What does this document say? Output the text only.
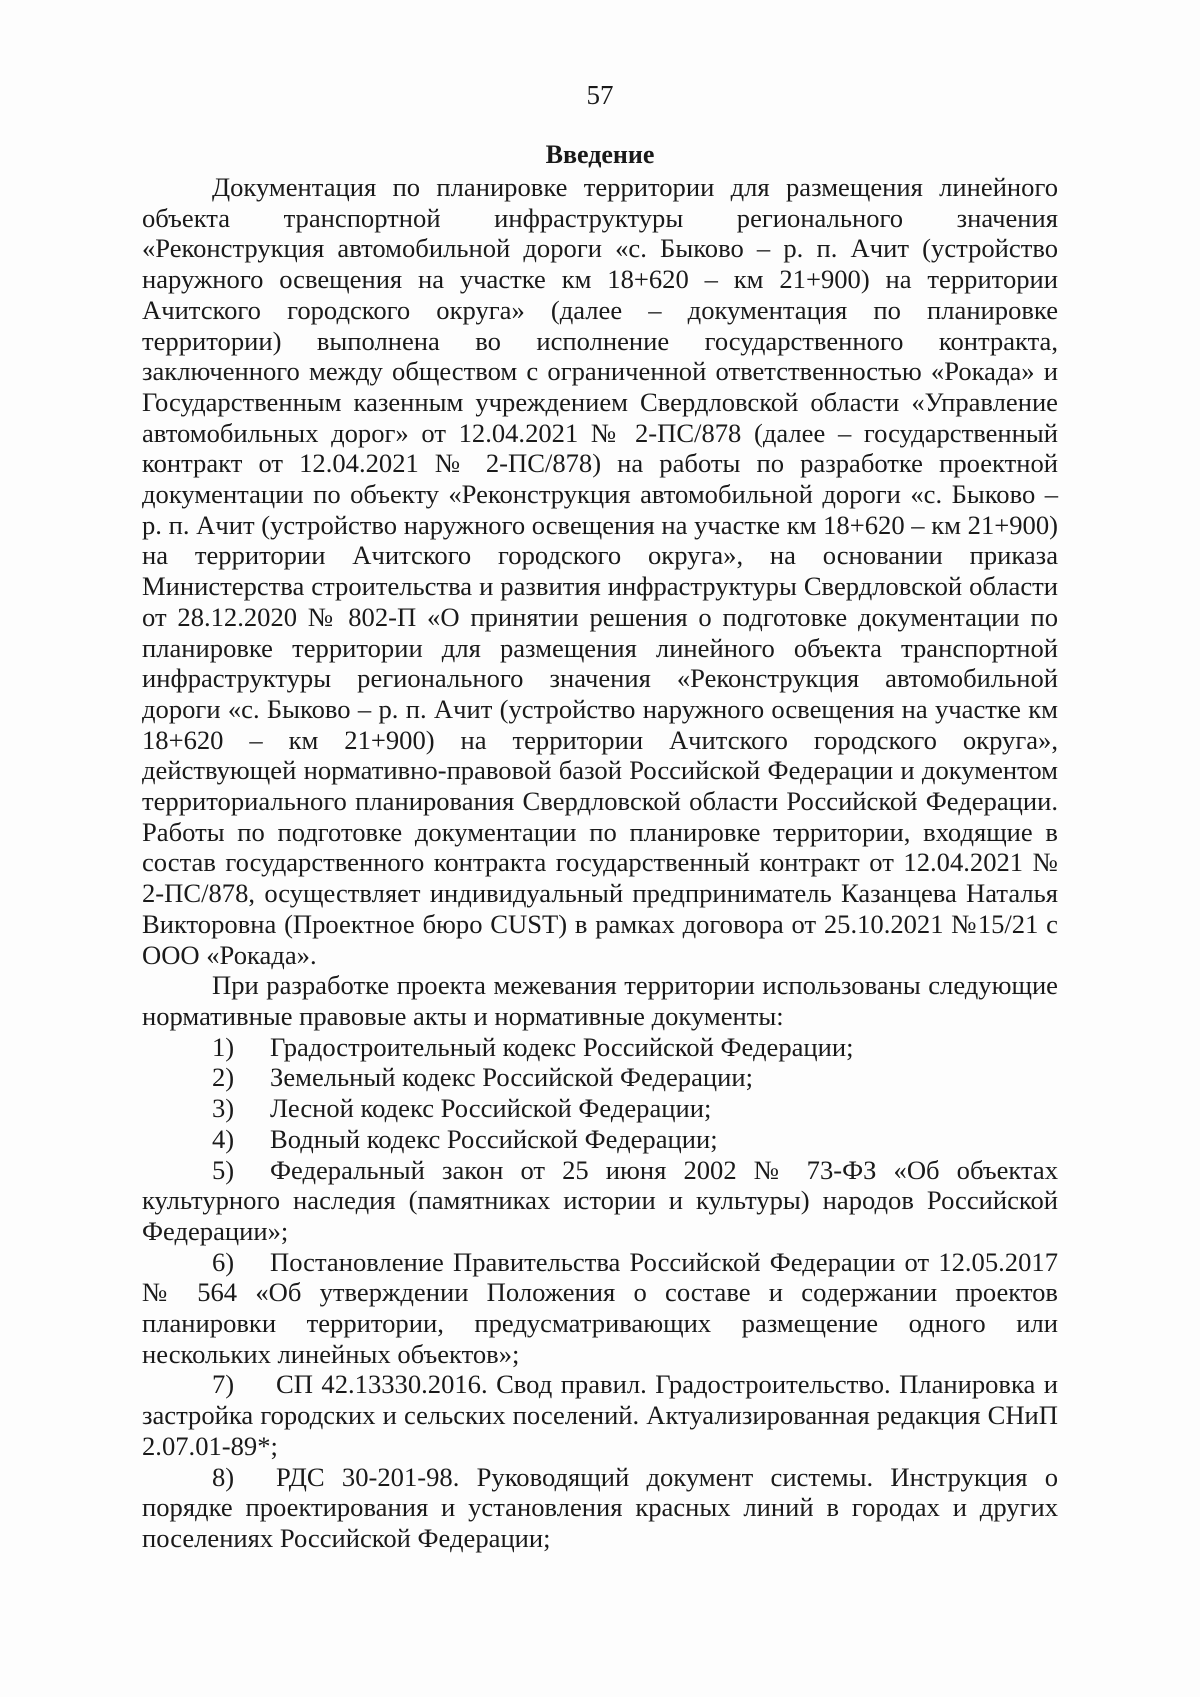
57
Введение

Документация по планировке территории для размещения линейного объекта транспортной инфраструктуры регионального значения «Реконструкция автомобильной дороги «с. Быково – р. п. Ачит (устройство наружного освещения на участке км 18+620 – км 21+900) на территории Ачитского городского округа» (далее – документация по планировке территории) выполнена во исполнение государственного контракта, заключенного между обществом с ограниченной ответственностью «Рокада» и Государственным казенным учреждением Свердловской области «Управление автомобильных дорог» от 12.04.2021 № 2-ПС/878 (далее – государственный контракт от 12.04.2021 № 2-ПС/878) на работы по разработке проектной документации по объекту «Реконструкция автомобильной дороги «с. Быково – р. п. Ачит (устройство наружного освещения на участке км 18+620 – км 21+900) на территории Ачитского городского округа», на основании приказа Министерства строительства и развития инфраструктуры Свердловской области от 28.12.2020 № 802-П «О принятии решения о подготовке документации по планировке территории для размещения линейного объекта транспортной инфраструктуры регионального значения «Реконструкция автомобильной дороги «с. Быково – р. п. Ачит (устройство наружного освещения на участке км 18+620 – км 21+900) на территории Ачитского городского округа», действующей нормативно-правовой базой Российской Федерации и документом территориального планирования Свердловской области Российской Федерации. Работы по подготовке документации по планировке территории, входящие в состав государственного контракта государственный контракт от 12.04.2021 № 2-ПС/878, осуществляет индивидуальный предприниматель Казанцева Наталья Викторовна (Проектное бюро CUST) в рамках договора от 25.10.2021 №15/21 с ООО «Рокада».

При разработке проекта межевания территории использованы следующие нормативные правовые акты и нормативные документы:

1) Градостроительный кодекс Российской Федерации;

2) Земельный кодекс Российской Федерации;

3) Лесной кодекс Российской Федерации;

4) Водный кодекс Российской Федерации;

5) Федеральный закон от 25 июня 2002 № 73-ФЗ «Об объектах культурного наследия (памятниках истории и культуры) народов Российской Федерации»;

6) Постановление Правительства Российской Федерации от 12.05.2017 № 564 «Об утверждении Положения о составе и содержании проектов планировки территории, предусматривающих размещение одного или нескольких линейных объектов»;

7) СП 42.13330.2016. Свод правил. Градостроительство. Планировка и застройка городских и сельских поселений. Актуализированная редакция СНиП 2.07.01-89*;

8) РДС 30-201-98. Руководящий документ системы. Инструкция о порядке проектирования и установления красных линий в городах и других поселениях Российской Федерации;
